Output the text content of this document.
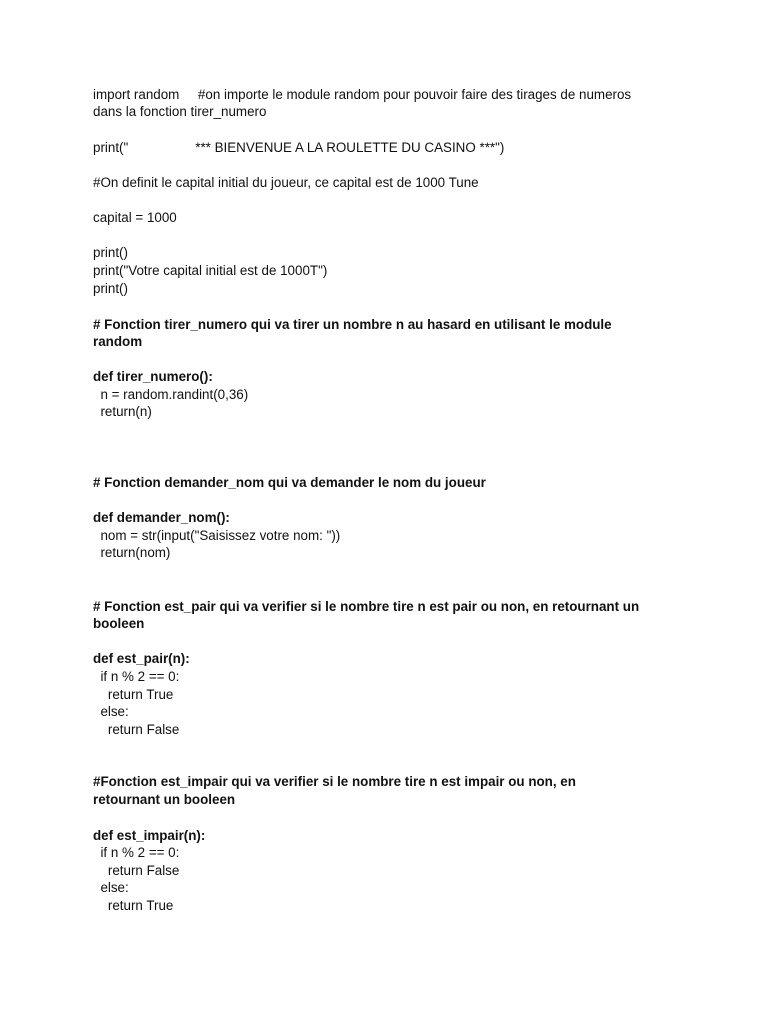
import random     #on importe le module random pour pouvoir faire des tirages de numeros

dans la fonction tirer_numero

print("                  *** BIENVENUE A LA ROULETTE DU CASINO ***")

#On definit le capital initial du joueur, ce capital est de 1000 Tune

capital = 1000

print()

print("Votre capital initial est de 1000T")

print()

# Fonction tirer_numero qui va tirer un nombre n au hasard en utilisant le module

random

def tirer_numero():

n = random.randint(0,36)

return(n)

# Fonction demander_nom qui va demander le nom du joueur

def demander_nom():

nom = str(input("Saisissez votre nom: "))

return(nom)

# Fonction est_pair qui va verifier si le nombre tire n est pair ou non, en retournant un

booleen

def est_pair(n):

if n % 2 == 0:

return True

else:

return False

#Fonction est_impair qui va verifier si le nombre tire n est impair ou non, en

retournant un booleen

def est_impair(n):

if n % 2 == 0:

return False

else:

return True
